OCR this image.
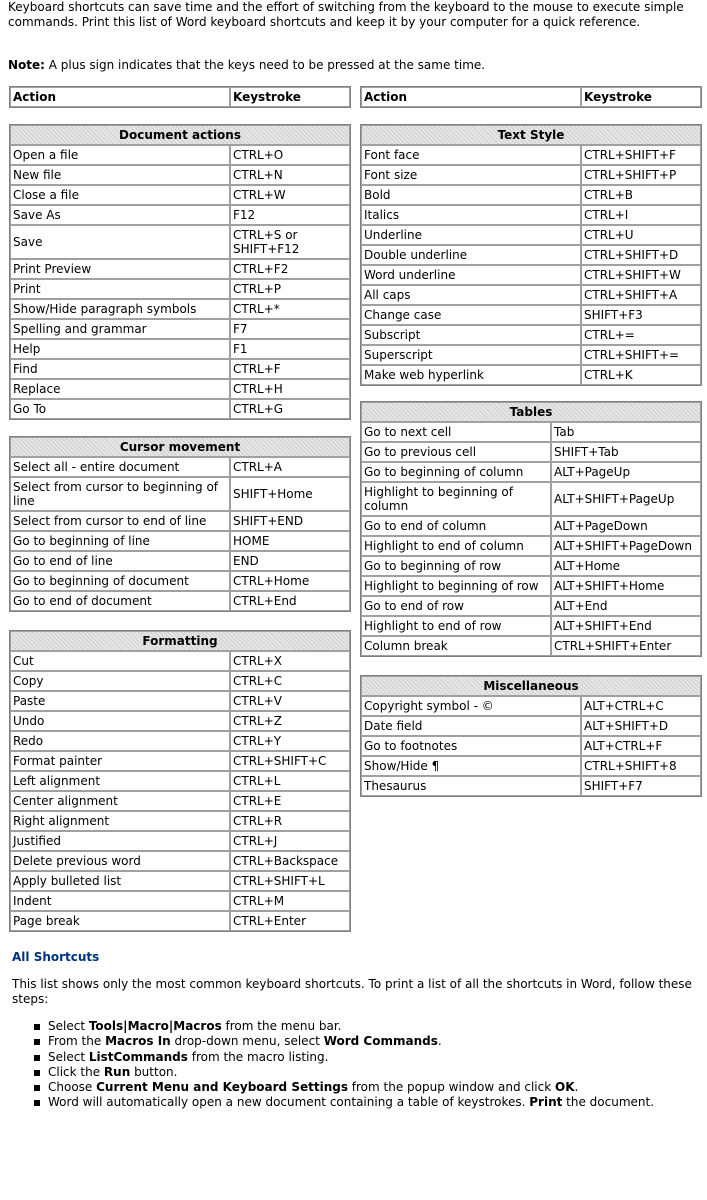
Keyboard shortcuts can save time and the effort of switching from the keyboard to the mouse to execute simple commands. Print this list of Word keyboard shortcuts and keep it by your computer for a quick reference.

Note: A plus sign indicates that the keys need to be pressed at the same time.

Action	Keystroke	Action	Keystroke
Document actions	
Open a file	CTRL+O
New file	CTRL+N
Close a file	CTRL+W
Save As	F12
Save	CTRL+S or SHIFT+F12
Print Preview	CTRL+F2
Print	CTRL+P
Show/Hide paragraph symbols	CTRL+*
Spelling and grammar	F7
Help	F1
Find	CTRL+F
Replace	CTRL+H
Go To	CTRL+G
Cursor movement	
Select all - entire document	CTRL+A
Select from cursor to beginning of line	SHIFT+Home
Select from cursor to end of line	SHIFT+END
Go to beginning of line	HOME
Go to end of line	END
Go to beginning of document	CTRL+Home
Go to end of document	CTRL+End
Formatting	
Cut	CTRL+X
Copy	CTRL+C
Paste	CTRL+V
Undo	CTRL+Z
Redo	CTRL+Y
Format painter	CTRL+SHIFT+C
Left alignment	CTRL+L
Center alignment	CTRL+E
Right alignment	CTRL+R
Justified	CTRL+J
Delete previous word	CTRL+Backspace
Apply bulleted list	CTRL+SHIFT+L
Indent	CTRL+M
Page break	CTRL+Enter
Text Style	
Font face	CTRL+SHIFT+F
Font size	CTRL+SHIFT+P
Bold	CTRL+B
Italics	CTRL+I
Underline	CTRL+U
Double underline	CTRL+SHIFT+D
Word underline	CTRL+SHIFT+W
All caps	CTRL+SHIFT+A
Change case	SHIFT+F3
Subscript	CTRL+=
Superscript	CTRL+SHIFT+=
Make web hyperlink	CTRL+K
Tables	
Go to next cell	Tab
Go to previous cell	SHIFT+Tab
Go to beginning of column	ALT+PageUp
Highlight to beginning of column	ALT+SHIFT+PageUp
Go to end of column	ALT+PageDown
Highlight to end of column	ALT+SHIFT+PageDown
Go to beginning of row	ALT+Home
Highlight to beginning of row	ALT+SHIFT+Home
Go to end of row	ALT+End
Highlight to end of row	ALT+SHIFT+End
Column break	CTRL+SHIFT+Enter
Miscellaneous	
Copyright symbol - ©	ALT+CTRL+C
Date field	ALT+SHIFT+D
Go to footnotes	ALT+CTRL+F
Show/Hide ¶	CTRL+SHIFT+8
Thesaurus	SHIFT+F7

All Shortcuts

This list shows only the most common keyboard shortcuts. To print a list of all the shortcuts in Word, follow these steps:

Select Tools|Macro|Macros from the menu bar.
From the Macros In drop-down menu, select Word Commands.
Select ListCommands from the macro listing.
Click the Run button.
Choose Current Menu and Keyboard Settings from the popup window and click OK.
Word will automatically open a new document containing a table of keystrokes. Print the document.
